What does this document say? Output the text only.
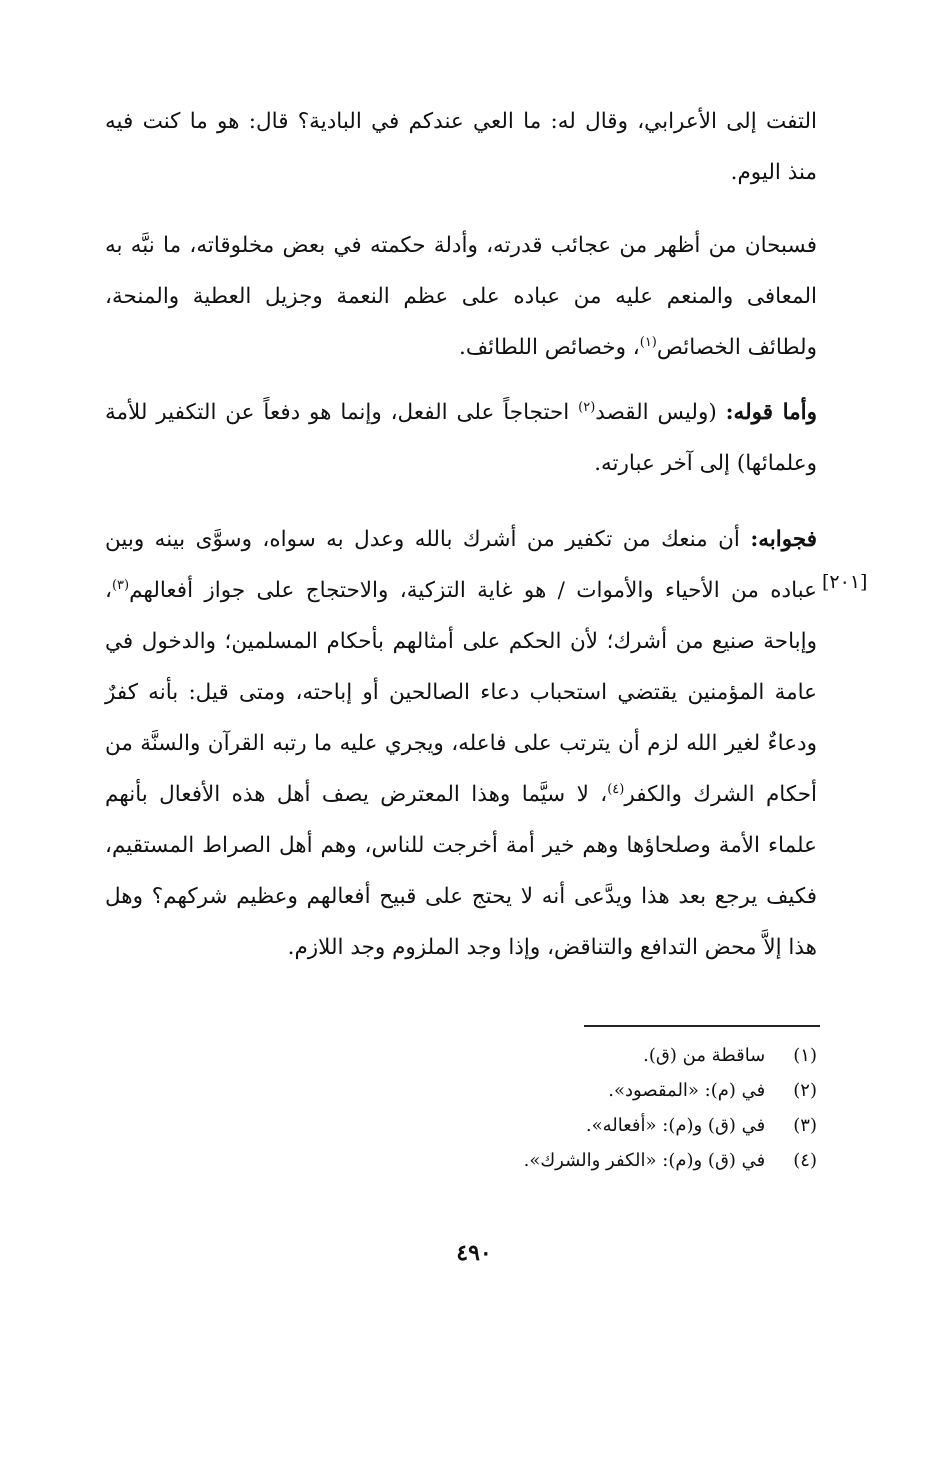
التفت إلى الأعرابي، وقال له: ما العي عندكم في البادية؟ قال: هو ما كنت فيه منذ اليوم.

فسبحان من أظهر من عجائب قدرته، وأدلة حكمته في بعض مخلوقاته، ما نبَّه به المعافى والمنعم عليه من عباده على عظم النعمة وجزيل العطية والمنحة، ولطائف الخصائص$^{(١)}$، وخصائص اللطائف.

وأما قوله: (وليس القصد$^{(٢)}$ احتجاجاً على الفعل، وإنما هو دفعاً عن التكفير للأمة وعلمائها) إلى آخر عبارته.

فجوابه: أن منعك من تكفير من أشرك بالله وعدل به سواه، وسوَّى بينه وبين عباده من الأحياء والأموات / هو غاية التزكية، والاحتجاج على جواز أفعالهم$^{(٣)}$، وإباحة صنيع من أشرك؛ لأن الحكم على أمثالهم بأحكام المسلمين؛ والدخول في عامة المؤمنين يقتضي استحباب دعاء الصالحين أو إباحته، ومتى قيل: بأنه كفرٌ ودعاءٌ لغير الله لزم أن يترتب على فاعله، ويجري عليه ما رتبه القرآن والسنَّة من أحكام الشرك والكفر$^{(٤)}$، لا سيَّما وهذا المعترض يصف أهل هذه الأفعال بأنهم علماء الأمة وصلحاؤها وهم خير أمة أخرجت للناس، وهم أهل الصراط المستقيم، فكيف يرجع بعد هذا ويدَّعى أنه لا يحتج على قبيح أفعالهم وعظيم شركهم؟ وهل هذا إلاَّ محض التدافع والتناقض، وإذا وجد الملزوم وجد اللازم.

[٢٠١]
(١) ساقطة من (ق).
(٢) في (م): «المقصود».
(٣) في (ق) و(م): «أفعاله».
(٤) في (ق) و(م): «الكفر والشرك».
٤٩٠
